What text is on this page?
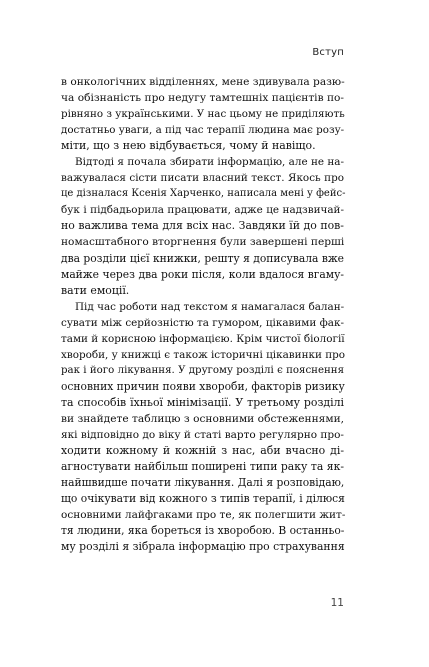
Вступ
в онкологічних відділеннях, мене здивувала разю-
ча обізнаність про недугу тамтешніх пацієнтів по-
рівняно з українськими. У нас цьому не приділяють
достатньо уваги, а під час терапії людина має розу-
міти, що з нею відбувається, чому й навіщо.
Відтоді я почала збирати інформацію, але не на-
важувалася сісти писати власний текст. Якось про
це дізналася Ксенія Харченко, написала мені у фейс-
бук і підбадьорила працювати, адже це надзвичай-
но важлива тема для всіх нас. Завдяки їй до пов-
номасштабного вторгнення були завершені перші
два розділи цієї книжки, решту я дописувала вже
майже через два роки після, коли вдалося вгаму-
вати емоції.
Під час роботи над текстом я намагалася балан-
сувати між серйозністю та гумором, цікавими фак-
тами й корисною інформацією. Крім чистої біології
хвороби, у книжці є також історичні цікавинки про
рак і його лікування. У другому розділі є пояснення
основних причин появи хвороби, факторів ризику
та способів їхньої мінімізації. У третьому розділі
ви знайдете таблицю з основними обстеженнями,
які відповідно до віку й статі варто регулярно про-
ходити кожному й кожній з нас, аби вчасно ді-
агностувати найбільш поширені типи раку та як-
найшвидше почати лікування. Далі я розповідаю,
що очікувати від кожного з типів терапії, і ділюся
основними лайфгаками про те, як полегшити жит-
тя людини, яка бореться із хворобою. В останньо-
му розділі я зібрала інформацію про страхування
11
